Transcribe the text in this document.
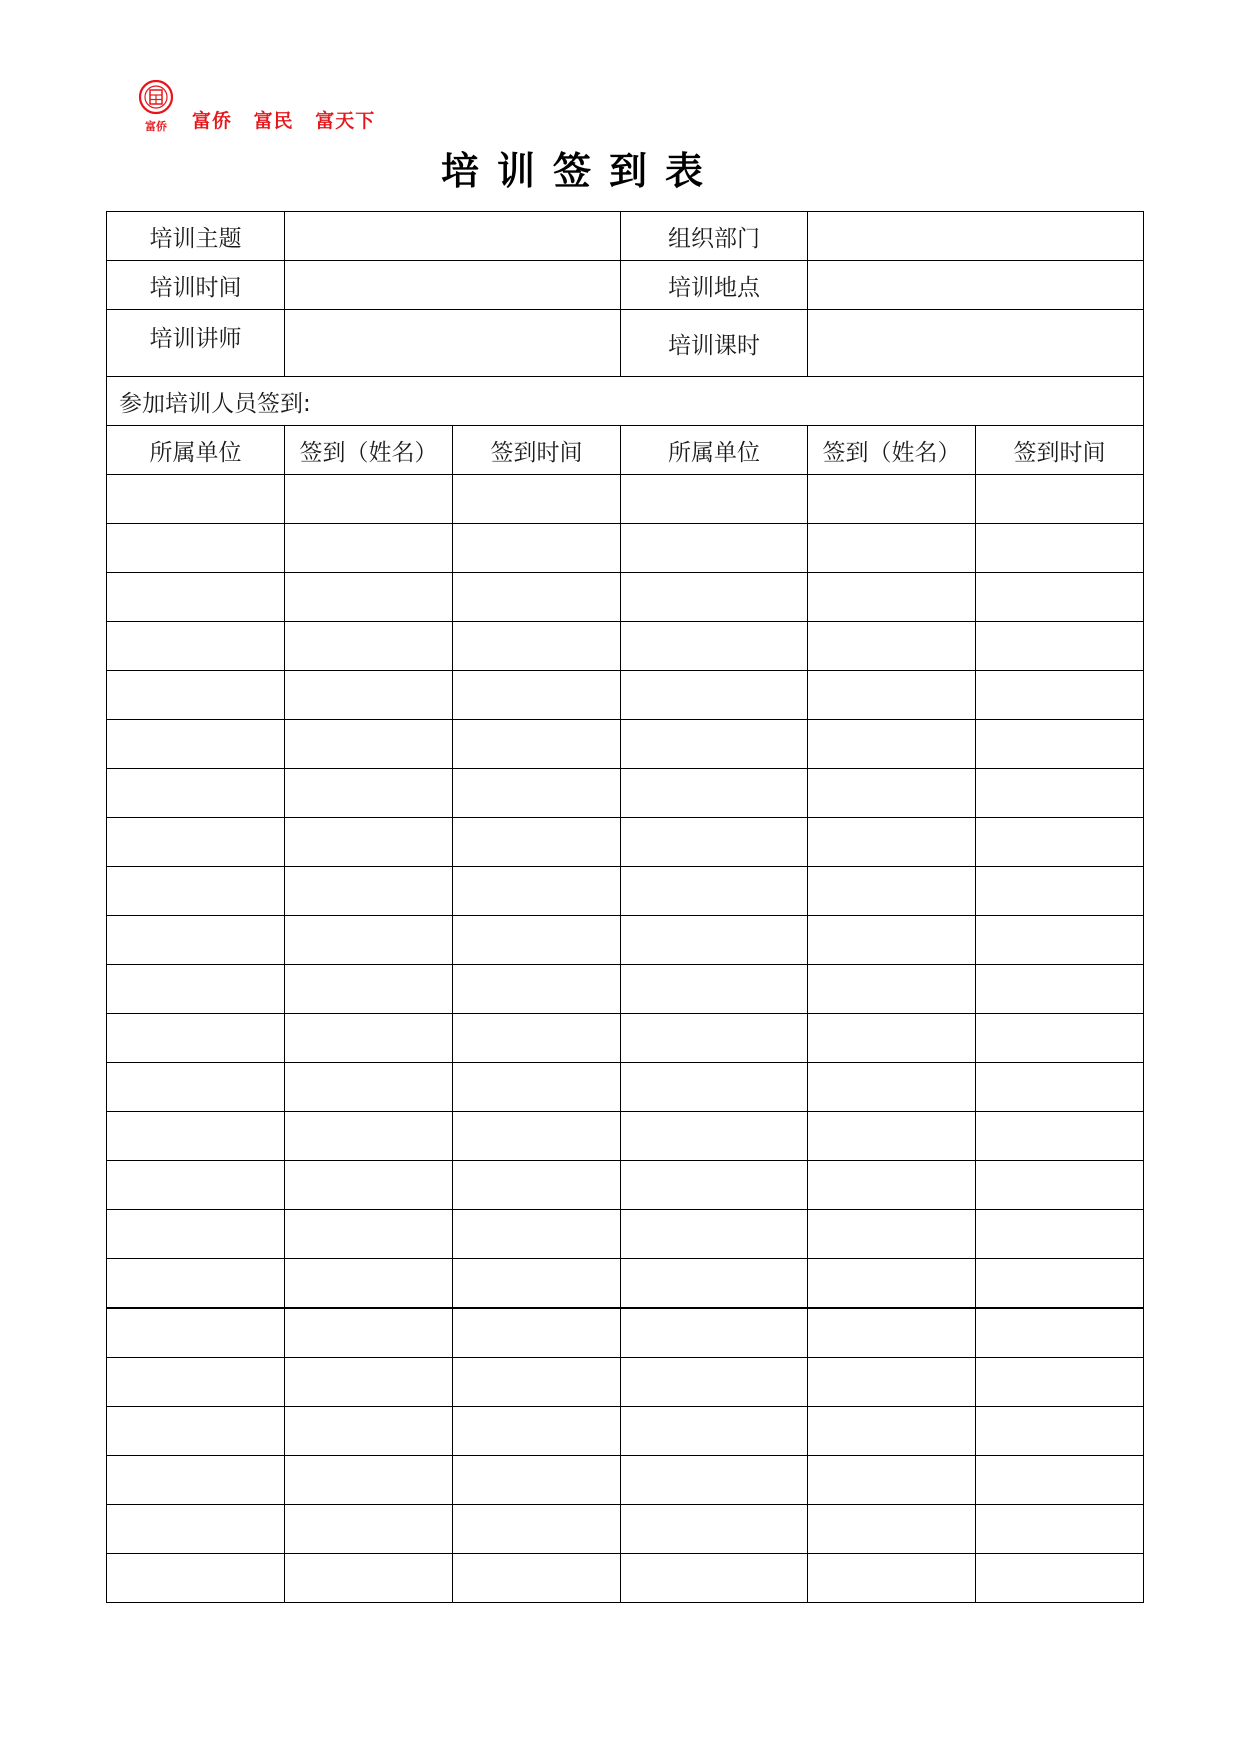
富侨 富侨 富民 富天下
培训签到表
培训主题			组织部门		
培训时间			培训地点		
培训讲师			培训课时		
参加培训人员签到:					
所属单位	签到（姓名）	签到时间	所属单位	签到（姓名）	签到时间
